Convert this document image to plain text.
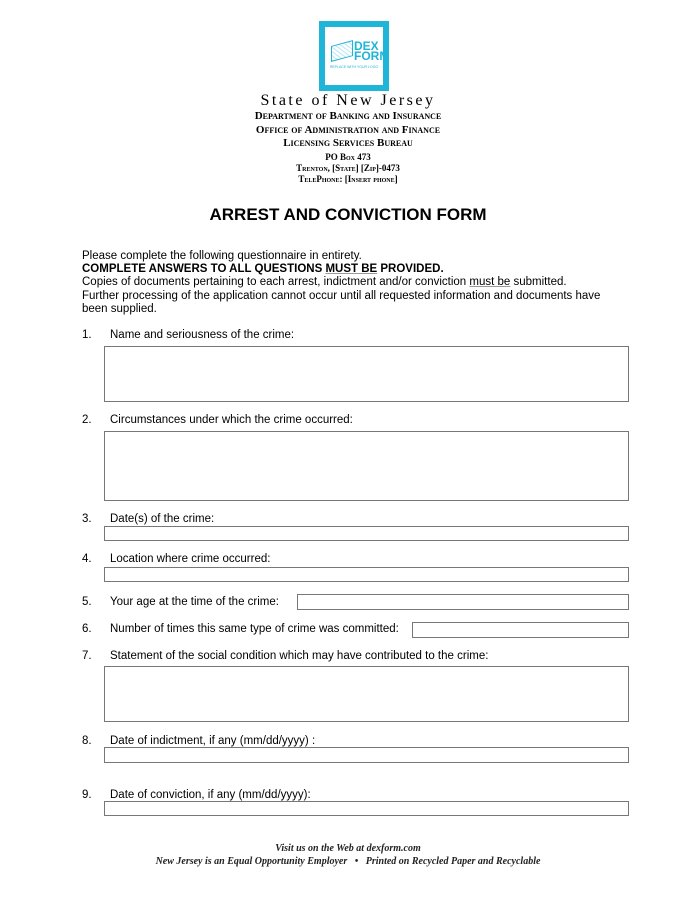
DEX
FORM
REPLACE WITH YOUR LOGO
State of New Jersey
Department of Banking and Insurance
Office of Administration and Finance
Licensing Services Bureau
PO Box 473
Trenton, [State] [Zip]-0473
TelePhone: [Insert phone]
ARREST AND CONVICTION FORM
Please complete the following questionnaire in entirety.
COMPLETE ANSWERS TO ALL QUESTIONS MUST BE PROVIDED.
Copies of documents pertaining to each arrest, indictment and/or conviction must be submitted.
Further processing of the application cannot occur until all requested information and documents have been supplied.
1. Name and seriousness of the crime:
2. Circumstances under which the crime occurred:
3. Date(s) of the crime:
4. Location where crime occurred:
5. Your age at the time of the crime:
6. Number of times this same type of crime was committed:
7. Statement of the social condition which may have contributed to the crime:
8. Date of indictment, if any (mm/dd/yyyy) :
9. Date of conviction, if any (mm/dd/yyyy):
Visit us on the Web at dexform.com
New Jersey is an Equal Opportunity Employer   •   Printed on Recycled Paper and Recyclable
